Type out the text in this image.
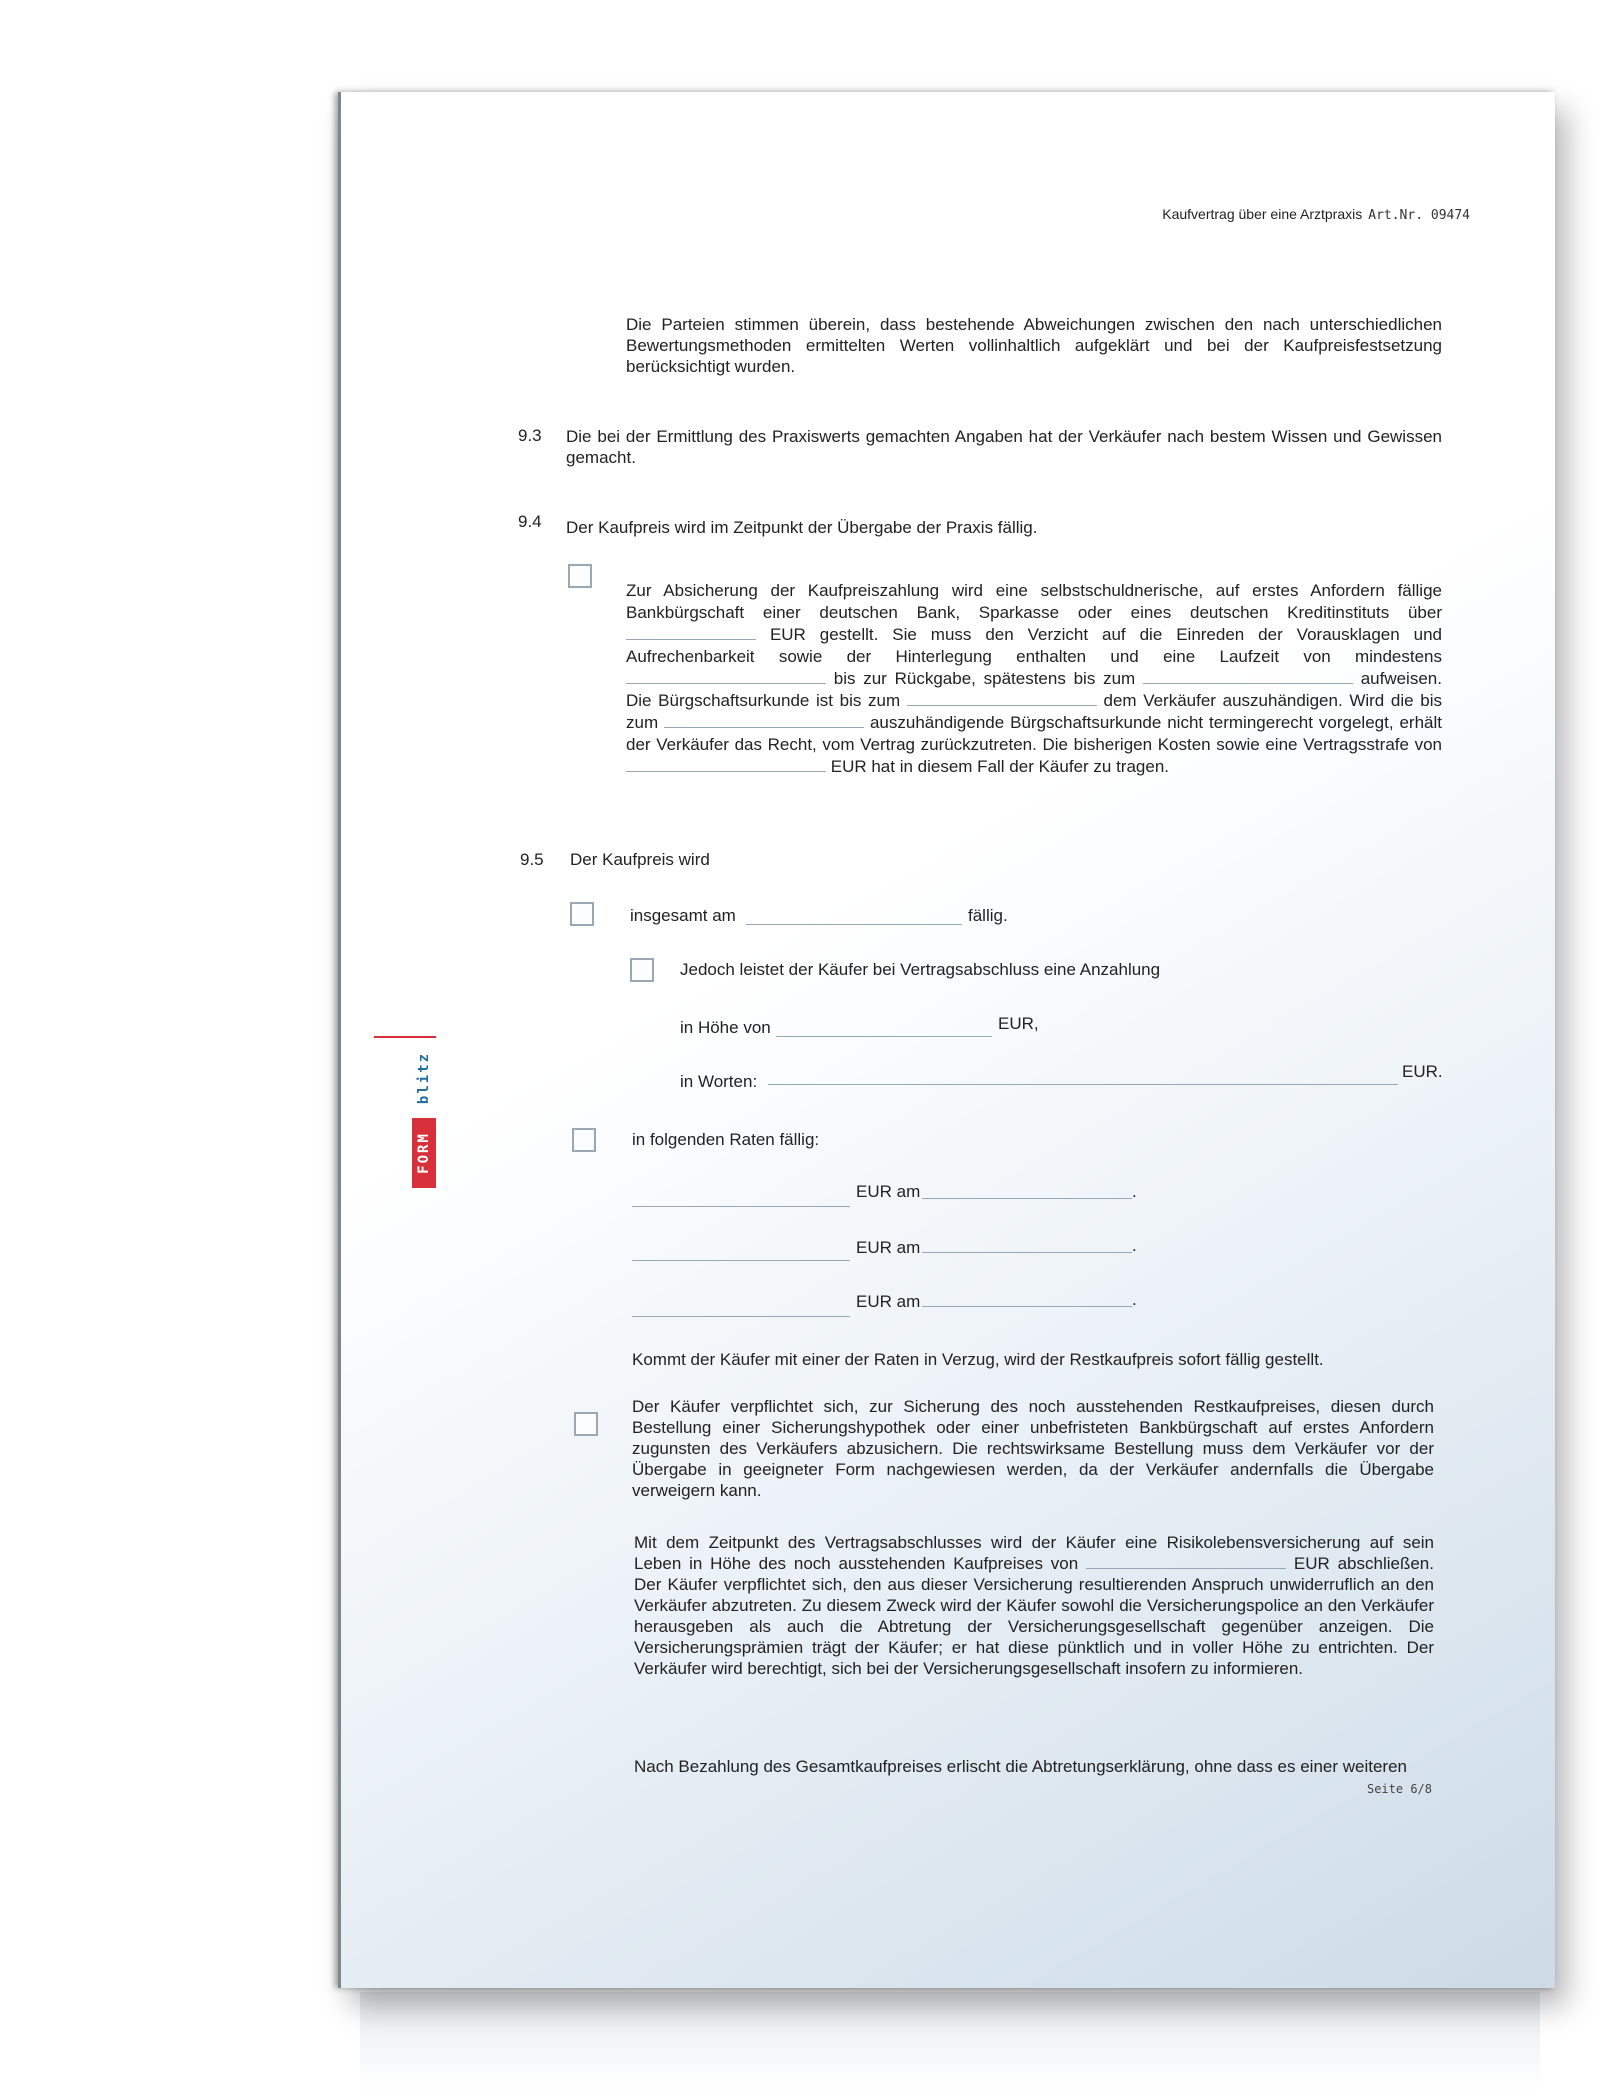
FORM
blitz
Kaufvertrag über eine Arztpraxis Art.Nr. 09474
Die Parteien stimmen überein, dass bestehende Abweichungen zwischen den nach unterschiedlichen Bewertungsmethoden ermittelten Werten vollinhaltlich aufgeklärt und bei der Kaufpreisfestsetzung berücksichtigt wurden.
9.3 Die bei der Ermittlung des Praxiswerts gemachten Angaben hat der Verkäufer nach bestem Wissen und Gewissen gemacht.
9.4 Der Kaufpreis wird im Zeitpunkt der Übergabe der Praxis fällig.
Zur Absicherung der Kaufpreiszahlung wird eine selbstschuldnerische, auf erstes Anfordern fällige Bankbürgschaft einer deutschen Bank, Sparkasse oder eines deutschen Kreditinstituts über  EUR gestellt. Sie muss den Verzicht auf die Einreden der Vorausklagen und Aufrechenbarkeit sowie der Hinterlegung enthalten und eine Laufzeit von mindestens  bis zur Rückgabe, spätestens bis zum	aufweisen. Die Bürgschaftsurkunde ist bis zum	dem Verkäufer auszuhändigen. Wird die bis zum	auszuhändigende Bürgschaftsurkunde nicht termingerecht vorgelegt, erhält der Verkäufer das Recht, vom Vertrag zurückzutreten. Die bisherigen Kosten sowie eine Vertragsstrafe von  EUR hat in diesem Fall der Käufer zu tragen.
9.5 Der Kaufpreis wird
insgesamt am	fällig.
Jedoch leistet der Käufer bei Vertragsabschluss eine Anzahlung
in Höhe von	EUR,
in Worten:
EUR.
in folgenden Raten fällig:
EUR am	.
EUR am	.
EUR am	.
Kommt der Käufer mit einer der Raten in Verzug, wird der Restkaufpreis sofort fällig gestellt.
Der Käufer verpflichtet sich, zur Sicherung des noch ausstehenden Restkaufpreises, diesen durch Bestellung einer Sicherungshypothek oder einer unbefristeten Bankbürgschaft auf erstes Anfordern zugunsten des Verkäufers abzusichern. Die rechtswirksame Bestellung muss dem Verkäufer vor der Übergabe in geeigneter Form nachgewiesen werden, da der Verkäufer andernfalls die Übergabe verweigern kann.
Mit dem Zeitpunkt des Vertragsabschlusses wird der Käufer eine Risikolebensversicherung auf sein Leben in Höhe des noch ausstehenden Kaufpreises von	EUR abschließen. Der Käufer verpflichtet sich, den aus dieser Versicherung resultierenden Anspruch unwiderruflich an den Verkäufer abzutreten. Zu diesem Zweck wird der Käufer sowohl die Versicherungspolice an den Verkäufer herausgeben als auch die Abtretung der Versicherungsgesellschaft gegenüber anzeigen. Die Versicherungsprämien trägt der Käufer; er hat diese pünktlich und in voller Höhe zu entrichten. Der Verkäufer wird berechtigt, sich bei der Versicherungsgesellschaft insofern zu informieren.
Nach Bezahlung des Gesamtkaufpreises erlischt die Abtretungserklärung, ohne dass es einer weiteren
Seite 6/8
